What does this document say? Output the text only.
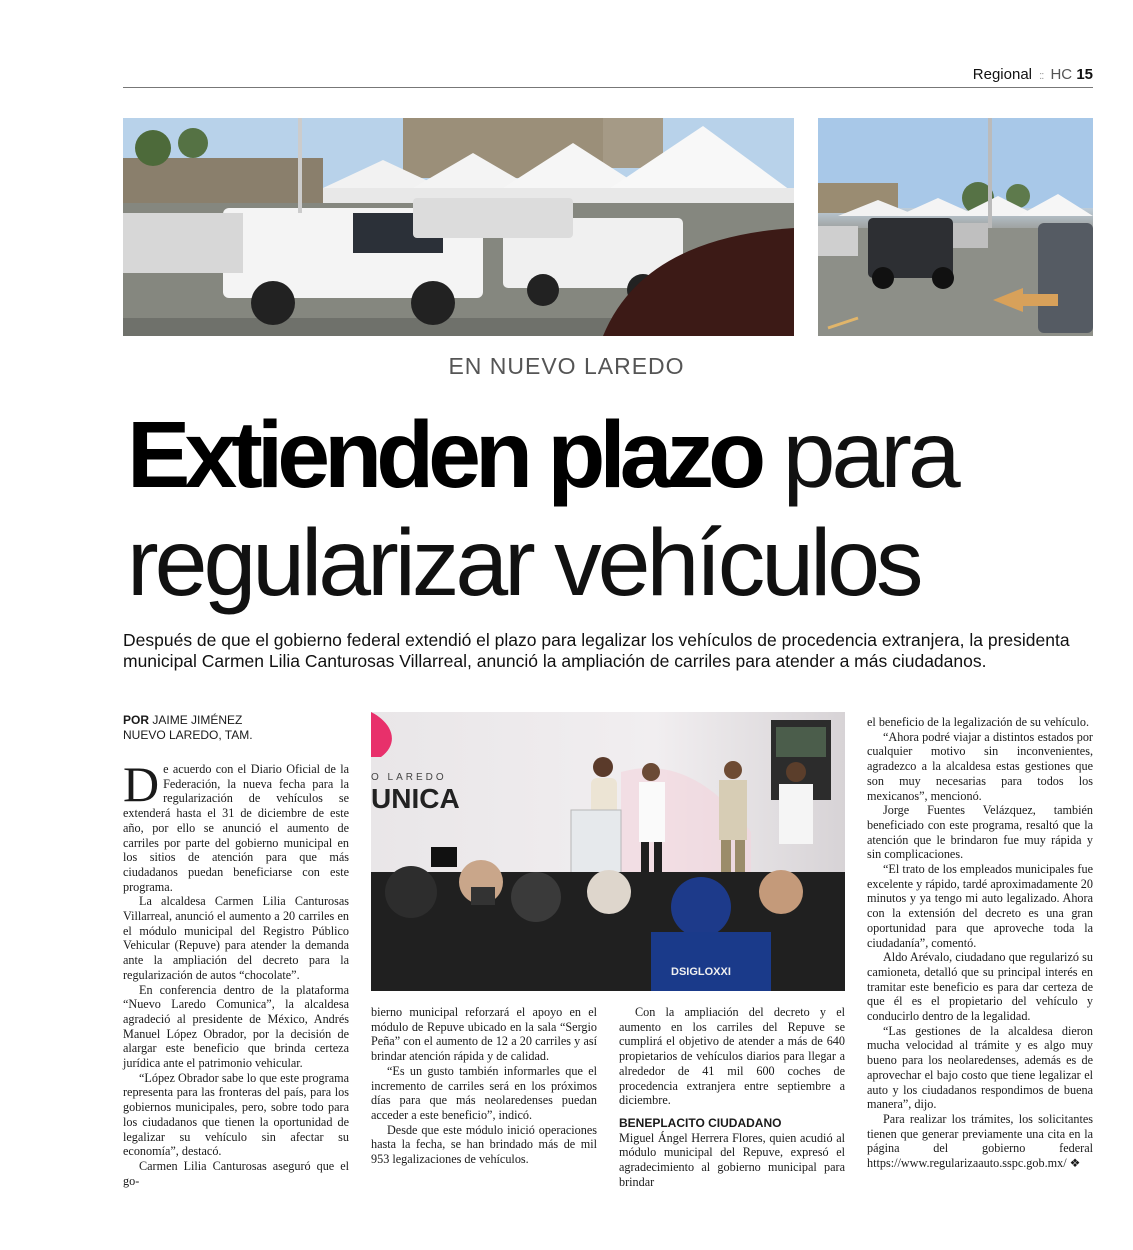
Regional :: HC 15
EN NUEVO LAREDO
Extienden plazo para
regularizar vehículos
Después de que el gobierno federal extendió el plazo para legalizar los vehículos de procedencia extranjera, la presidenta municipal Carmen Lilia Canturosas Villarreal, anunció la ampliación de carriles para atender a más ciudadanos.
POR JAIME JIMÉNEZ
NUEVO LAREDO, TAM.

De acuerdo con el Diario Oficial de la Federación, la nueva fecha para la regularización de vehículos se extenderá hasta el 31 de diciembre de este año, por ello se anunció el aumento de carriles por parte del gobierno municipal en los sitios de atención para que más ciudadanos puedan beneficiarse con este programa.

La alcaldesa Carmen Lilia Canturosas Villarreal, anunció el aumento a 20 carriles en el módulo municipal del Registro Público Vehicular (Repuve) para atender la demanda ante la ampliación del decreto para la regularización de autos “chocolate”.

En conferencia dentro de la plataforma “Nuevo Laredo Comunica”, la alcaldesa agradeció al presidente de México, Andrés Manuel López Obrador, por la decisión de alargar este beneficio que brinda certeza jurídica ante el patrimonio vehicular.

“López Obrador sabe lo que este programa representa para las fronteras del país, para los gobiernos municipales, pero, sobre todo para los ciudadanos que tienen la oportunidad de legalizar su vehículo sin afectar su economía”, destacó.

Carmen Lilia Canturosas aseguró que el go-

O LAREDO
UNICA
DSIGLOXXI

bierno municipal reforzará el apoyo en el módulo de Repuve ubicado en la sala “Sergio Peña” con el aumento de 12 a 20 carriles y así brindar atención rápida y de calidad.

“Es un gusto también informarles que el incremento de carriles será en los próximos días para que más neolaredenses puedan acceder a este beneficio”, indicó.

Desde que este módulo inició operaciones hasta la fecha, se han brindado más de mil 953 legalizaciones de vehículos.

Con la ampliación del decreto y el aumento en los carriles del Repuve se cumplirá el objetivo de atender a más de 640 propietarios de vehículos diarios para llegar a alrededor de 41 mil 600 coches de procedencia extranjera entre septiembre a diciembre.

BENEPLACITO CIUDADANO

Miguel Ángel Herrera Flores, quien acudió al módulo municipal del Repuve, expresó el agradecimiento al gobierno municipal para brindar

el beneficio de la legalización de su vehículo.

“Ahora podré viajar a distintos estados por cualquier motivo sin inconvenientes, agradezco a la alcaldesa estas gestiones que son muy necesarias para todos los mexicanos”, mencionó.

Jorge Fuentes Velázquez, también beneficiado con este programa, resaltó que la atención que le brindaron fue muy rápida y sin complicaciones.

“El trato de los empleados municipales fue excelente y rápido, tardé aproximadamente 20 minutos y ya tengo mi auto legalizado. Ahora con la extensión del decreto es una gran oportunidad para que aproveche toda la ciudadanía”, comentó.

Aldo Arévalo, ciudadano que regularizó su camioneta, detalló que su principal interés en tramitar este beneficio es para dar certeza de que él es el propietario del vehículo y conducirlo dentro de la legalidad.

“Las gestiones de la alcaldesa dieron mucha velocidad al trámite y es algo muy bueno para los neolaredenses, además es de aprovechar el bajo costo que tiene legalizar el auto y los ciudadanos respondimos de buena manera”, dijo.

Para realizar los trámites, los solicitantes tienen que generar previamente una cita en la página del gobierno federal https://www.regularizaauto.sspc.gob.mx/ ❖
